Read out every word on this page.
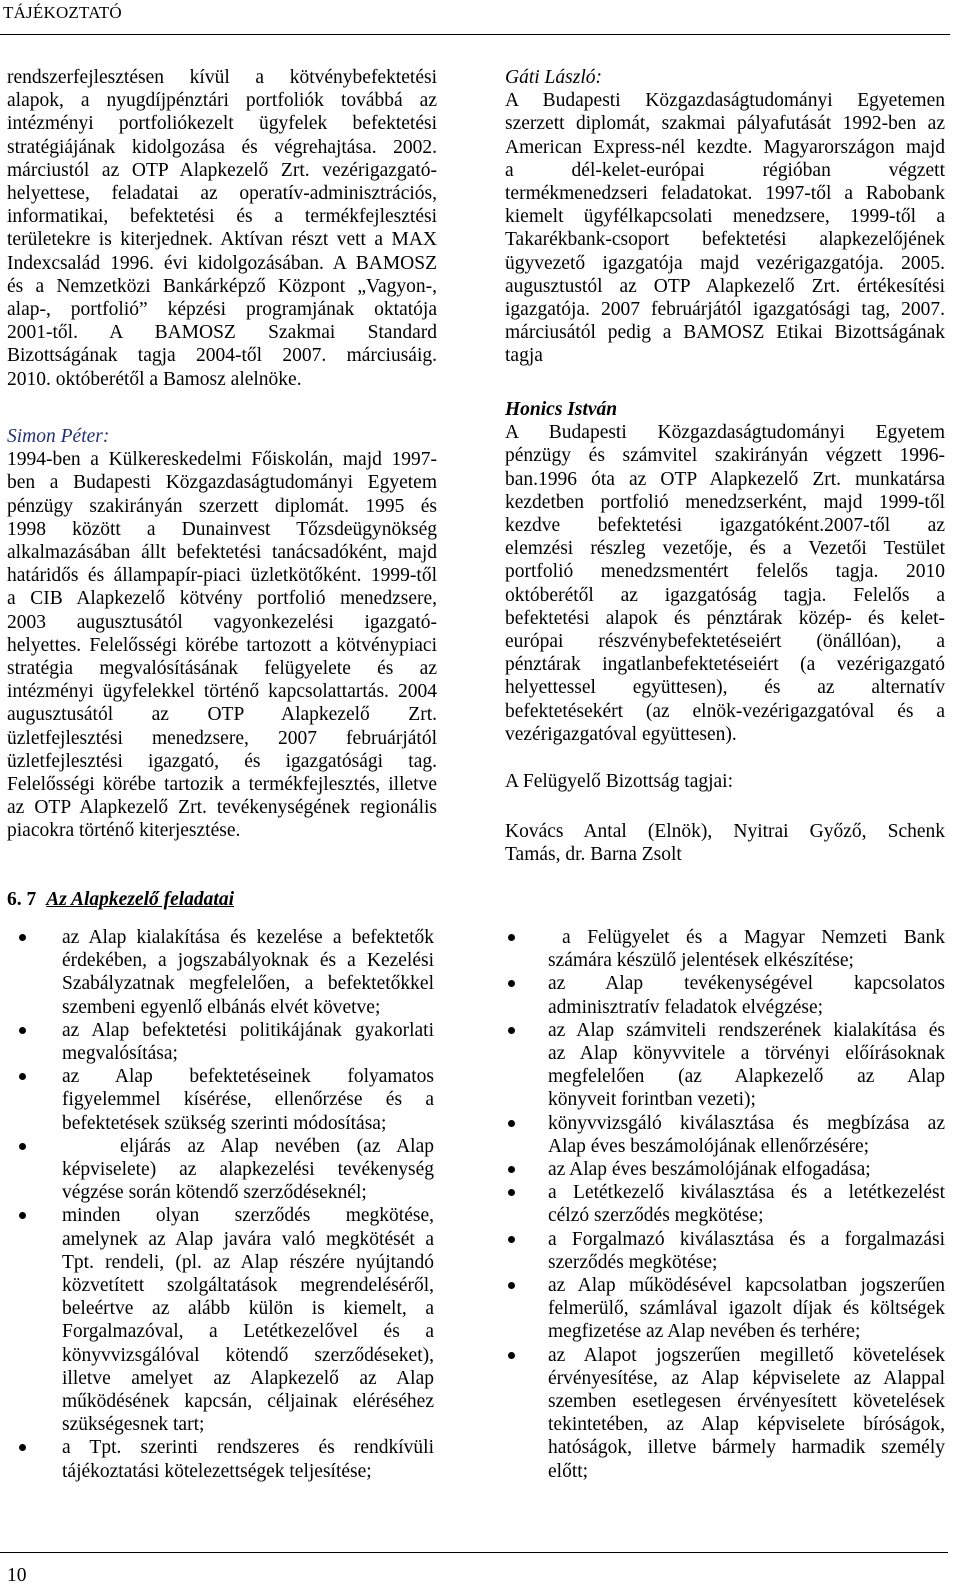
TÁJÉKOZTATÓ
rendszerfejlesztésen kívül a kötvénybefektetési
alapok, a nyugdíjpénztári portfoliók továbbá az
intézményi portfoliókezelt ügyfelek befektetési
stratégiájának kidolgozása és végrehajtása. 2002.
márciustól az OTP Alapkezelő Zrt. vezérigazgató-
helyettese, feladatai az operatív-adminisztrációs,
informatikai, befektetési és a termékfejlesztési
területekre is kiterjednek. Aktívan részt vett a MAX
Indexcsalád 1996. évi kidolgozásában. A BAMOSZ
és a Nemzetközi Bankárképző Központ „Vagyon-,
alap-, portfolió” képzési programjának oktatója
2001-től. A BAMOSZ Szakmai Standard
Bizottságának tagja 2004-től 2007. márciusáig.
2010. októberétől a Bamosz alelnöke.
Simon Péter:
1994-ben a Külkereskedelmi Főiskolán, majd 1997-
ben a Budapesti Közgazdaságtudományi Egyetem
pénzügy szakirányán szerzett diplomát. 1995 és
1998 között a Dunainvest Tőzsdeügynökség
alkalmazásában állt befektetési tanácsadóként, majd
határidős és állampapír-piaci üzletkötőként. 1999-től
a CIB Alapkezelő kötvény portfolió menedzsere,
2003 augusztusától vagyonkezelési igazgató-
helyettes. Felelősségi körébe tartozott a kötvénypiaci
stratégia megvalósításának felügyelete és az
intézményi ügyfelekkel történő kapcsolattartás. 2004
augusztusától az OTP Alapkezelő Zrt.
üzletfejlesztési menedzsere, 2007 februárjától
üzletfejlesztési igazgató, és igazgatósági tag.
Felelősségi körébe tartozik a termékfejlesztés, illetve
az OTP Alapkezelő Zrt. tevékenységének regionális
piacokra történő kiterjesztése.
Gáti László:
A Budapesti Közgazdaságtudományi Egyetemen
szerzett diplomát, szakmai pályafutását 1992-ben az
American Express-nél kezdte. Magyarországon majd
a dél-kelet-európai régióban végzett
termékmenedzseri feladatokat. 1997-től a Rabobank
kiemelt ügyfélkapcsolati menedzsere, 1999-től a
Takarékbank-csoport befektetési alapkezelőjének
ügyvezető igazgatója majd vezérigazgatója. 2005.
augusztustól az OTP Alapkezelő Zrt. értékesítési
igazgatója. 2007 februárjától igazgatósági tag, 2007.
márciusától pedig a BAMOSZ Etikai Bizottságának
tagja
Honics István
A Budapesti Közgazdaságtudományi Egyetem
pénzügy és számvitel szakirányán végzett 1996-
ban.1996 óta az OTP Alapkezelő Zrt. munkatársa
kezdetben portfolió menedzserként, majd 1999-től
kezdve befektetési igazgatóként.2007-től az
elemzési részleg vezetője, és a Vezetői Testület
portfolió menedzsmentért felelős tagja. 2010
októberétől az igazgatóság tagja. Felelős a
befektetési alapok és pénztárak közép- és kelet-
európai részvénybefektetéseiért (önállóan), a
pénztárak ingatlanbefektetéseiért (a vezérigazgató
helyettessel együttesen), és az alternatív
befektetésekért (az elnök-vezérigazgatóval és a
vezérigazgatóval együttesen).
A Felügyelő Bizottság tagjai:
Kovács Antal (Elnök), Nyitrai Győző, Schenk
Tamás, dr. Barna Zsolt
6. 7 Az Alapkezelő feladatai
az Alap kialakítása és kezelése a befektetők
érdekében, a jogszabályoknak és a Kezelési
Szabályzatnak megfelelően, a befektetőkkel
szembeni egyenlő elbánás elvét követve;
az Alap befektetési politikájának gyakorlati
megvalósítása;
az Alap befektetéseinek folyamatos
figyelemmel kísérése, ellenőrzése és a
befektetések szükség szerinti módosítása;
eljárás az Alap nevében (az Alap
képviselete) az alapkezelési tevékenység
végzése során kötendő szerződéseknél;
minden olyan szerződés megkötése,
amelynek az Alap javára való megkötését a
Tpt. rendeli, (pl. az Alap részére nyújtandó
közvetített szolgáltatások megrendeléséről,
beleértve az alább külön is kiemelt, a
Forgalmazóval, a Letétkezelővel és a
könyvvizsgálóval kötendő szerződéseket),
illetve amelyet az Alapkezelő az Alap
működésének kapcsán, céljainak eléréséhez
szükségesnek tart;
a Tpt. szerinti rendszeres és rendkívüli
tájékoztatási kötelezettségek teljesítése;
a Felügyelet és a Magyar Nemzeti Bank
számára készülő jelentések elkészítése;
az Alap tevékenységével kapcsolatos
adminisztratív feladatok elvégzése;
az Alap számviteli rendszerének kialakítása és
az Alap könyvvitele a törvényi előírásoknak
megfelelően (az Alapkezelő az Alap
könyveit forintban vezeti);
könyvvizsgáló kiválasztása és megbízása az
Alap éves beszámolójának ellenőrzésére;
az Alap éves beszámolójának elfogadása;
a Letétkezelő kiválasztása és a letétkezelést
célzó szerződés megkötése;
a Forgalmazó kiválasztása és a forgalmazási
szerződés megkötése;
az Alap működésével kapcsolatban jogszerűen
felmerülő, számlával igazolt díjak és költségek
megfizetése az Alap nevében és terhére;
az Alapot jogszerűen megillető követelések
érvényesítése, az Alap képviselete az Alappal
szemben esetlegesen érvényesített követelések
tekintetében, az Alap képviselete bíróságok,
hatóságok, illetve bármely harmadik személy
előtt;
10
